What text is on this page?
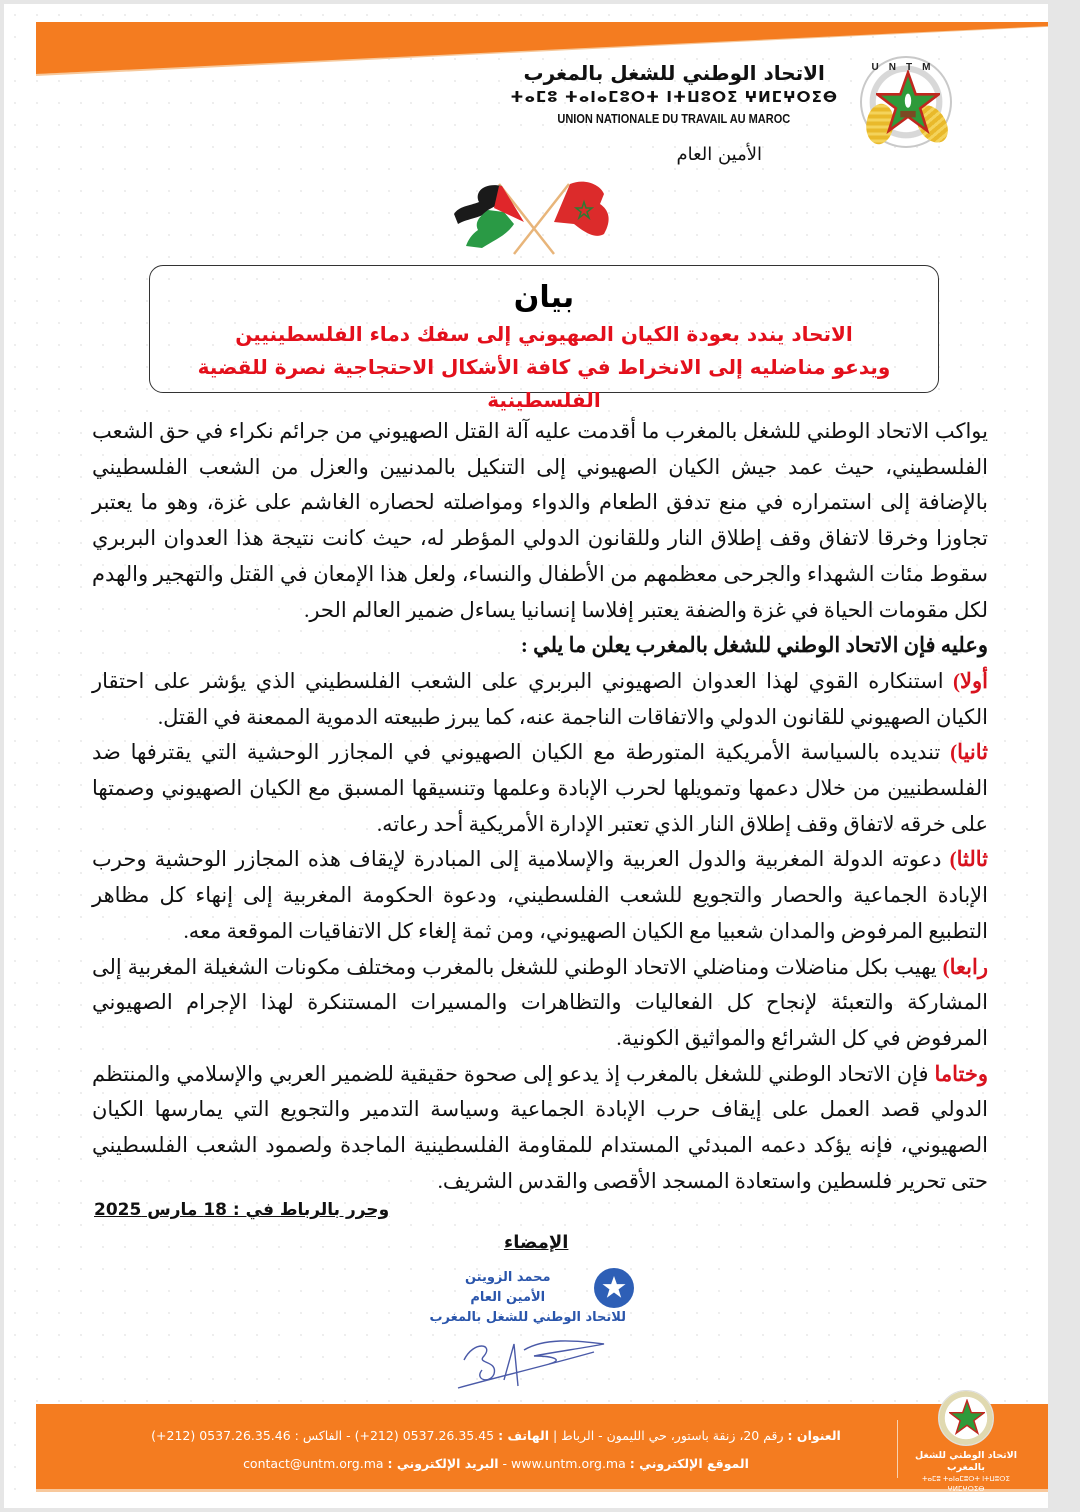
UNTM
الاتحاد الوطني للشغل بالمغرب
ⵜⴰⵎⵓ ⵜⴰⵏⴰⵎⵓⵔⵜ ⵏⵜⵡⵓⵔⵉ ⵖⵍⵎⵖⵔⵉⴱ
UNION NATIONALE DU TRAVAIL AU MAROC
الأمين العام
بيان
الاتحاد يندد بعودة الكيان الصهيوني إلى سفك دماء الفلسطينيين
ويدعو مناضليه إلى الانخراط في كافة الأشكال الاحتجاجية نصرة للقضية الفلسطينية

يواكب الاتحاد الوطني للشغل بالمغرب ما أقدمت عليه آلة القتل الصهيوني من جرائم نكراء في حق الشعب الفلسطيني، حيث عمد جيش الكيان الصهيوني إلى التنكيل بالمدنيين والعزل من الشعب الفلسطيني بالإضافة إلى استمراره في منع تدفق الطعام والدواء ومواصلته لحصاره الغاشم على غزة، وهو ما يعتبر تجاوزا وخرقا لاتفاق وقف إطلاق النار وللقانون الدولي المؤطر له، حيث كانت نتيجة هذا العدوان البربري سقوط مئات الشهداء والجرحى معظمهم من الأطفال والنساء، ولعل هذا الإمعان في القتل والتهجير والهدم لكل مقومات الحياة في غزة والضفة يعتبر إفلاسا إنسانيا يساءل ضمير العالم الحر.

وعليه فإن الاتحاد الوطني للشغل بالمغرب يعلن ما يلي :

أولا) استنكاره القوي لهذا العدوان الصهيوني البربري على الشعب الفلسطيني الذي يؤشر على احتقار الكيان الصهيوني للقانون الدولي والاتفاقات الناجمة عنه، كما يبرز طبيعته الدموية الممعنة في القتل.

ثانيا) تنديده بالسياسة الأمريكية المتورطة مع الكيان الصهيوني في المجازر الوحشية التي يقترفها ضد الفلسطنيين من خلال دعمها وتمويلها لحرب الإبادة وعلمها وتنسيقها المسبق مع الكيان الصهيوني وصمتها على خرقه لاتفاق وقف إطلاق النار الذي تعتبر الإدارة الأمريكية أحد رعاته.

ثالثا) دعوته الدولة المغربية والدول العربية والإسلامية إلى المبادرة لإيقاف هذه المجازر الوحشية وحرب الإبادة الجماعية والحصار والتجويع للشعب الفلسطيني، ودعوة الحكومة المغربية إلى إنهاء كل مظاهر التطبيع المرفوض والمدان شعبيا مع الكيان الصهيوني، ومن ثمة إلغاء كل الاتفاقيات الموقعة معه.

رابعا) يهيب بكل مناضلات ومناضلي الاتحاد الوطني للشغل بالمغرب ومختلف مكونات الشغيلة المغربية إلى المشاركة والتعبئة لإنجاح كل الفعاليات والتظاهرات والمسيرات المستنكرة لهذا الإجرام الصهيوني المرفوض في كل الشرائع والمواثيق الكونية.

وختاما فإن الاتحاد الوطني للشغل بالمغرب إذ يدعو إلى صحوة حقيقية للضمير العربي والإسلامي والمنتظم الدولي قصد العمل على إيقاف حرب الإبادة الجماعية وسياسة التدمير والتجويع التي يمارسها الكيان الصهيوني، فإنه يؤكد دعمه المبدئي المستدام للمقاومة الفلسطينية الماجدة ولصمود الشعب الفلسطيني حتى تحرير فلسطين واستعادة المسجد الأقصى والقدس الشريف.

وحرر بالرباط في : 18 مارس 2025
الإمضاء
محمد الزويتن
الأمين العام
للاتحاد الوطني للشغل بالمغرب
العنوان : رقم 20، زنقة باستور، حي الليمون - الرباط | الهاتف : 0537.26.35.45 (212+) - الفاكس : 0537.26.35.46 (212+)
الموقع الإلكتروني : www.untm.org.ma - البريد الإلكتروني : contact@untm.org.ma
الاتحاد الوطني للشغل بالمغرب
ⵜⴰⵎⵓ ⵜⴰⵏⴰⵎⵓⵔⵜ ⵏⵜⵡⵓⵔⵉ ⵖⵍⵎⵖⵔⵉⴱ
UNION NATIONALE DU TRAVAIL AU MAROC
